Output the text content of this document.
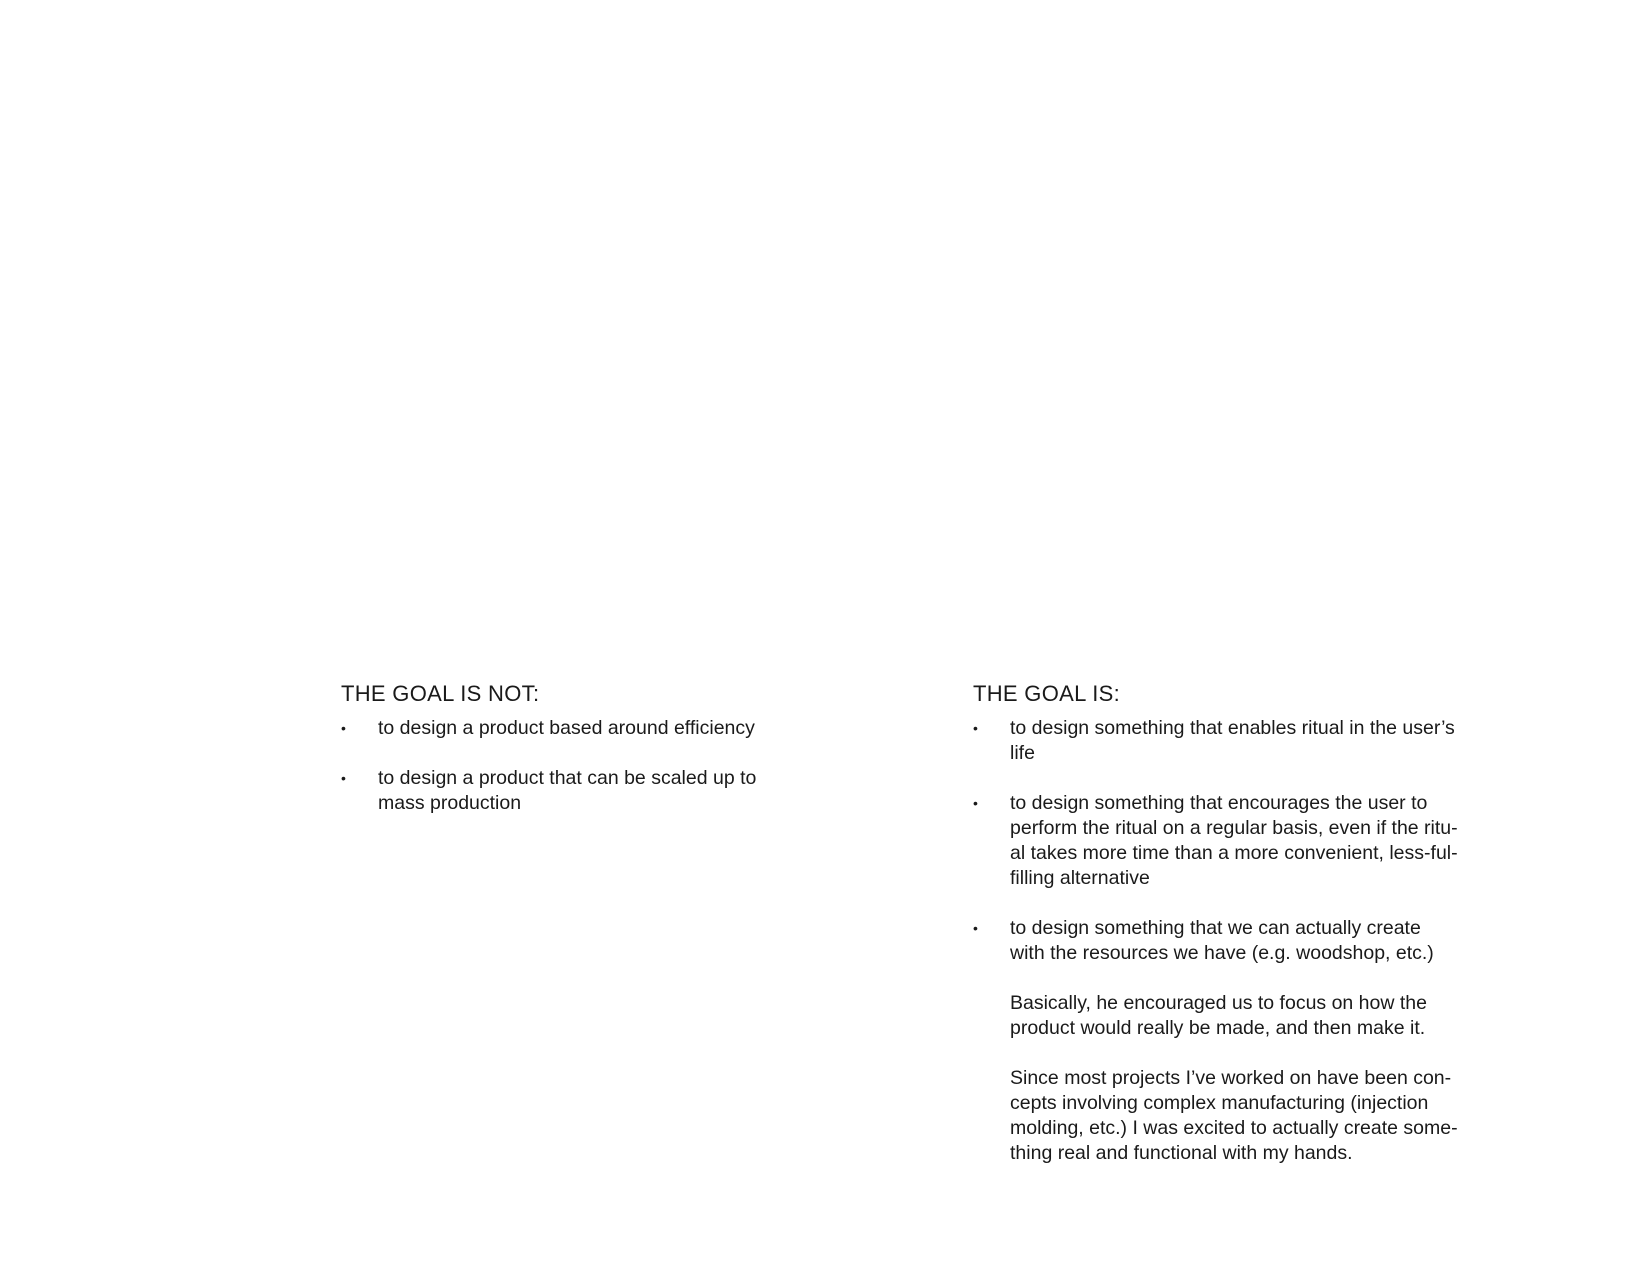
THE GOAL IS NOT:
• to design a product based around efficiency
• to design a product that can be scaled up to
mass production
THE GOAL IS:
• to design something that enables ritual in the user’s
life
• to design something that encourages the user to
perform the ritual on a regular basis, even if the ritu-
al takes more time than a more convenient, less-ful-
filling alternative
• to design something that we can actually create
with the resources we have (e.g. woodshop, etc.)
Basically, he encouraged us to focus on how the
product would really be made, and then make it.
Since most projects I’ve worked on have been con-
cepts involving complex manufacturing (injection
molding, etc.) I was excited to actually create some-
thing real and functional with my hands.
